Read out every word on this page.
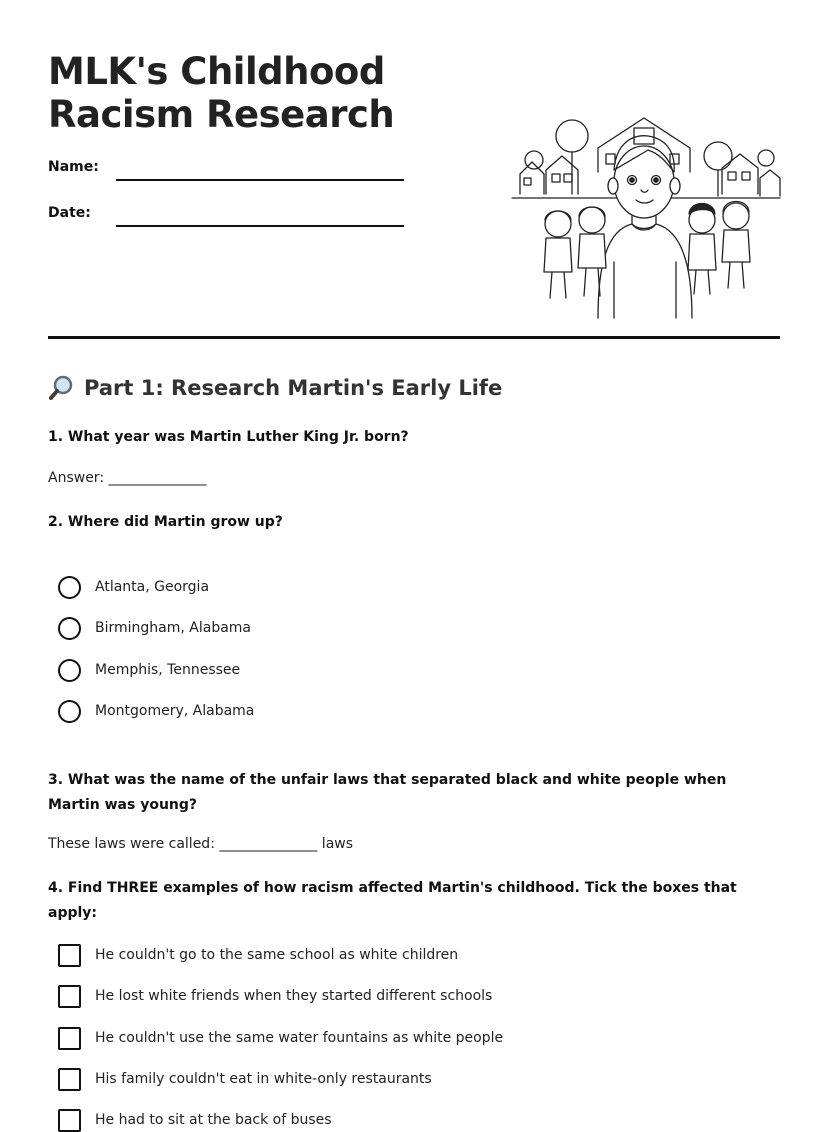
MLK's Childhood
Racism Research
Name:
Date:
Part 1: Research Martin's Early Life

1. What year was Martin Luther King Jr. born?

Answer: ______________

2. Where did Martin grow up?

Atlanta, Georgia
Birmingham, Alabama
Memphis, Tennessee
Montgomery, Alabama

3. What was the name of the unfair laws that separated black and white people when Martin was young?

These laws were called: ______________ laws

4. Find THREE examples of how racism affected Martin's childhood. Tick the boxes that apply:

He couldn't go to the same school as white children
He lost white friends when they started different schools
He couldn't use the same water fountains as white people
His family couldn't eat in white-only restaurants
He had to sit at the back of buses
